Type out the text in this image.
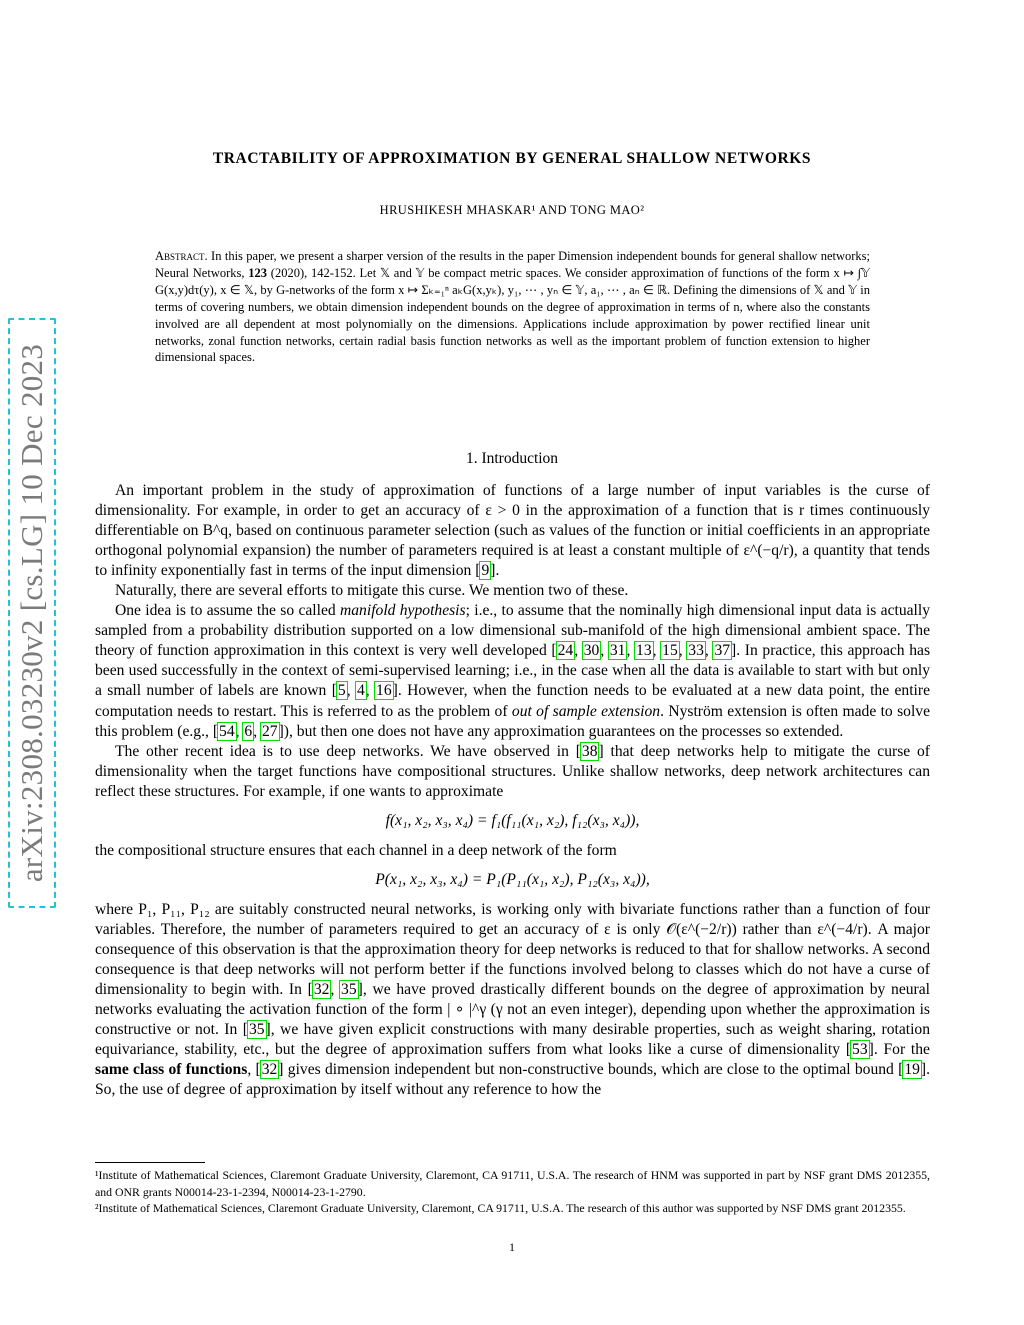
arXiv:2308.03230v2 [cs.LG] 10 Dec 2023
TRACTABILITY OF APPROXIMATION BY GENERAL SHALLOW NETWORKS
HRUSHIKESH MHASKAR¹ AND TONG MAO²
Abstract. In this paper, we present a sharper version of the results in the paper Dimension independent bounds for general shallow networks; Neural Networks, 123 (2020), 142-152. Let 𝕏 and 𝕐 be compact metric spaces. We consider approximation of functions of the form x ↦ ∫𝕐 G(x,y)dτ(y), x ∈ 𝕏, by G-networks of the form x ↦ Σₖ₌₁ⁿ aₖG(x,yₖ), y₁, ⋯ , yₙ ∈ 𝕐, a₁, ⋯ , aₙ ∈ ℝ. Defining the dimensions of 𝕏 and 𝕐 in terms of covering numbers, we obtain dimension independent bounds on the degree of approximation in terms of n, where also the constants involved are all dependent at most polynomially on the dimensions. Applications include approximation by power rectified linear unit networks, zonal function networks, certain radial basis function networks as well as the important problem of function extension to higher dimensional spaces.
1. Introduction

An important problem in the study of approximation of functions of a large number of input variables is the curse of dimensionality. For example, in order to get an accuracy of ε > 0 in the approximation of a function that is r times continuously differentiable on B^q, based on continuous parameter selection (such as values of the function or initial coefficients in an appropriate orthogonal polynomial expansion) the number of parameters required is at least a constant multiple of ε^(−q/r), a quantity that tends to infinity exponentially fast in terms of the input dimension [9].

Naturally, there are several efforts to mitigate this curse. We mention two of these.

One idea is to assume the so called manifold hypothesis; i.e., to assume that the nominally high dimensional input data is actually sampled from a probability distribution supported on a low dimensional sub-manifold of the high dimensional ambient space. The theory of function approximation in this context is very well developed [24, 30, 31, 13, 15, 33, 37]. In practice, this approach has been used successfully in the context of semi-supervised learning; i.e., in the case when all the data is available to start with but only a small number of labels are known [5, 4, 16]. However, when the function needs to be evaluated at a new data point, the entire computation needs to restart. This is referred to as the problem of out of sample extension. Nyström extension is often made to solve this problem (e.g., [54, 6, 27]), but then one does not have any approximation guarantees on the processes so extended.

The other recent idea is to use deep networks. We have observed in [38] that deep networks help to mitigate the curse of dimensionality when the target functions have compositional structures. Unlike shallow networks, deep network architectures can reflect these structures. For example, if one wants to approximate

f(x₁, x₂, x₃, x₄) = f₁(f₁₁(x₁, x₂), f₁₂(x₃, x₄)),

the compositional structure ensures that each channel in a deep network of the form

P(x₁, x₂, x₃, x₄) = P₁(P₁₁(x₁, x₂), P₁₂(x₃, x₄)),

where P₁, P₁₁, P₁₂ are suitably constructed neural networks, is working only with bivariate functions rather than a function of four variables. Therefore, the number of parameters required to get an accuracy of ε is only 𝒪(ε^(−2/r)) rather than ε^(−4/r). A major consequence of this observation is that the approximation theory for deep networks is reduced to that for shallow networks. A second consequence is that deep networks will not perform better if the functions involved belong to classes which do not have a curse of dimensionality to begin with. In [32, 35], we have proved drastically different bounds on the degree of approximation by neural networks evaluating the activation function of the form | ∘ |^γ (γ not an even integer), depending upon whether the approximation is constructive or not. In [35], we have given explicit constructions with many desirable properties, such as weight sharing, rotation equivariance, stability, etc., but the degree of approximation suffers from what looks like a curse of dimensionality [53]. For the same class of functions, [32] gives dimension independent but non-constructive bounds, which are close to the optimal bound [19]. So, the use of degree of approximation by itself without any reference to how the

¹Institute of Mathematical Sciences, Claremont Graduate University, Claremont, CA 91711, U.S.A. The research of HNM was supported in part by NSF grant DMS 2012355, and ONR grants N00014-23-1-2394, N00014-23-1-2790.

²Institute of Mathematical Sciences, Claremont Graduate University, Claremont, CA 91711, U.S.A. The research of this author was supported by NSF DMS grant 2012355.

1
